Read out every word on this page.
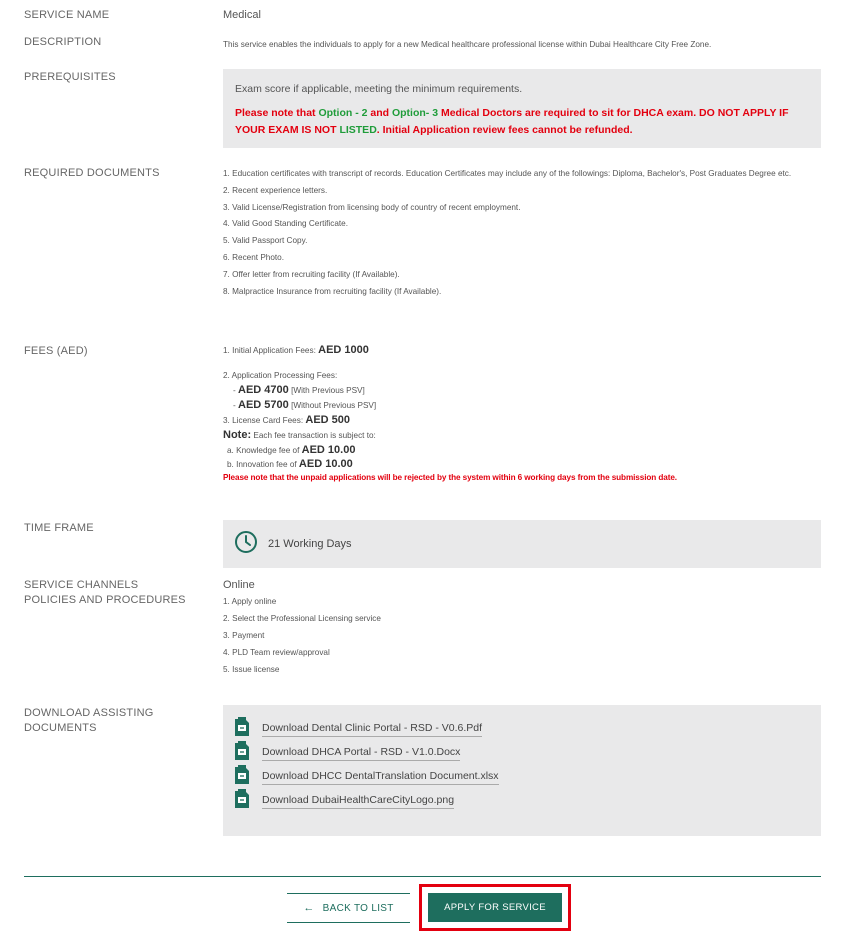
SERVICE NAME	Medical
DESCRIPTION	This service enables the individuals to apply for a new Medical healthcare professional license within Dubai Healthcare City Free Zone.
PREREQUISITES
Exam score if applicable, meeting the minimum requirements.
Please note that Option - 2 and Option- 3 Medical Doctors are required to sit for DHCA exam. DO NOT APPLY IF YOUR EXAM IS NOT LISTED. Initial Application review fees cannot be refunded.
REQUIRED DOCUMENTS	1. Education certificates with transcript of records. Education Certificates may include any of the followings: Diploma, Bachelor's, Post Graduates Degree etc.
2. Recent experience letters.
3. Valid License/Registration from licensing body of country of recent employment.
4. Valid Good Standing Certificate.
5. Valid Passport Copy.
6. Recent Photo.
7. Offer letter from recruiting facility (If Available).
8. Malpractice Insurance from recruiting facility (If Available).
FEES (AED)	1. Initial Application Fees: AED 1000
2. Application Processing Fees:
- AED 4700 [With Previous PSV]
- AED 5700 [Without Previous PSV]
3. License Card Fees: AED 500
Note: Each fee transaction is subject to:
a. Knowledge fee of AED 10.00
b. Innovation fee of AED 10.00
Please note that the unpaid applications will be rejected by the system within 6 working days from the submission date.
TIME FRAME
21 Working Days
SERVICE CHANNELS
POLICIES AND PROCEDURES
Online
1. Apply online
2. Select the Professional Licensing service
3. Payment
4. PLD Team review/approval
5. Issue license
DOWNLOAD ASSISTING DOCUMENTS	Download Dental Clinic Portal - RSD - V0.6.Pdf
Download DHCA Portal - RSD - V1.0.Docx
Download DHCC DentalTranslation Document.xlsx
Download DubaiHealthCareCityLogo.png
← BACK TO LIST	APPLY FOR SERVICE
